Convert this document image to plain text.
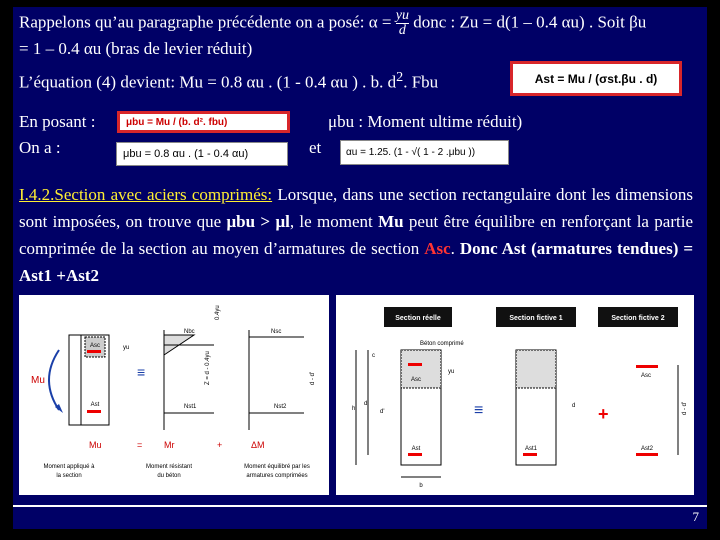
Rappelons qu’au paragraphe précédente on a posé: $\alpha = \frac{yu}{d}$ donc : Zu = d(1 – 0.4 αu) . Soit βu
= 1 – 0.4 αu (bras de levier réduit)
L’équation (4) devient: Mu = 0.8 αu . (1 - 0.4 αu ) . b. $d^2$. Fbu	Ast = Mu / (σst.βu . d)
En posant :	μbu = Mu / (b. d². fbu)	μbu : Moment ultime réduit)
On a :	μbu = 0.8 αu . (1 - 0.4 αu)	et	αu = 1.25. (1 - √( 1 - 2 .μbu ))
I.4.2.Section avec aciers comprimés: Lorsque, dans une section rectangulaire dont les dimensions sont imposées, on trouve que μbu > μl, le moment Mu peut être équilibre en renforçant la partie comprimée de la section au moyen d’armatures de section Asc. Donc Ast (armatures tendues) = Ast1 +Ast2
Asc
Ast
yu
Mu
≡
Nbc
Nst1
Z = d - 0.4yu
0.4yu
Nsc
Nst2
d - d'
Mu	= Mr	+	ΔM
Moment appliqué à
la section
Moment résistant
du béton
Moment équilibré par les
armatures comprimées
Section réelle	Section fictive 1	Section fictive 2
Asc
Ast
Béton comprimé
yu
h
d
d'
b
c
≡
Ast1
d +
Asc
Ast2
d - d'
7
